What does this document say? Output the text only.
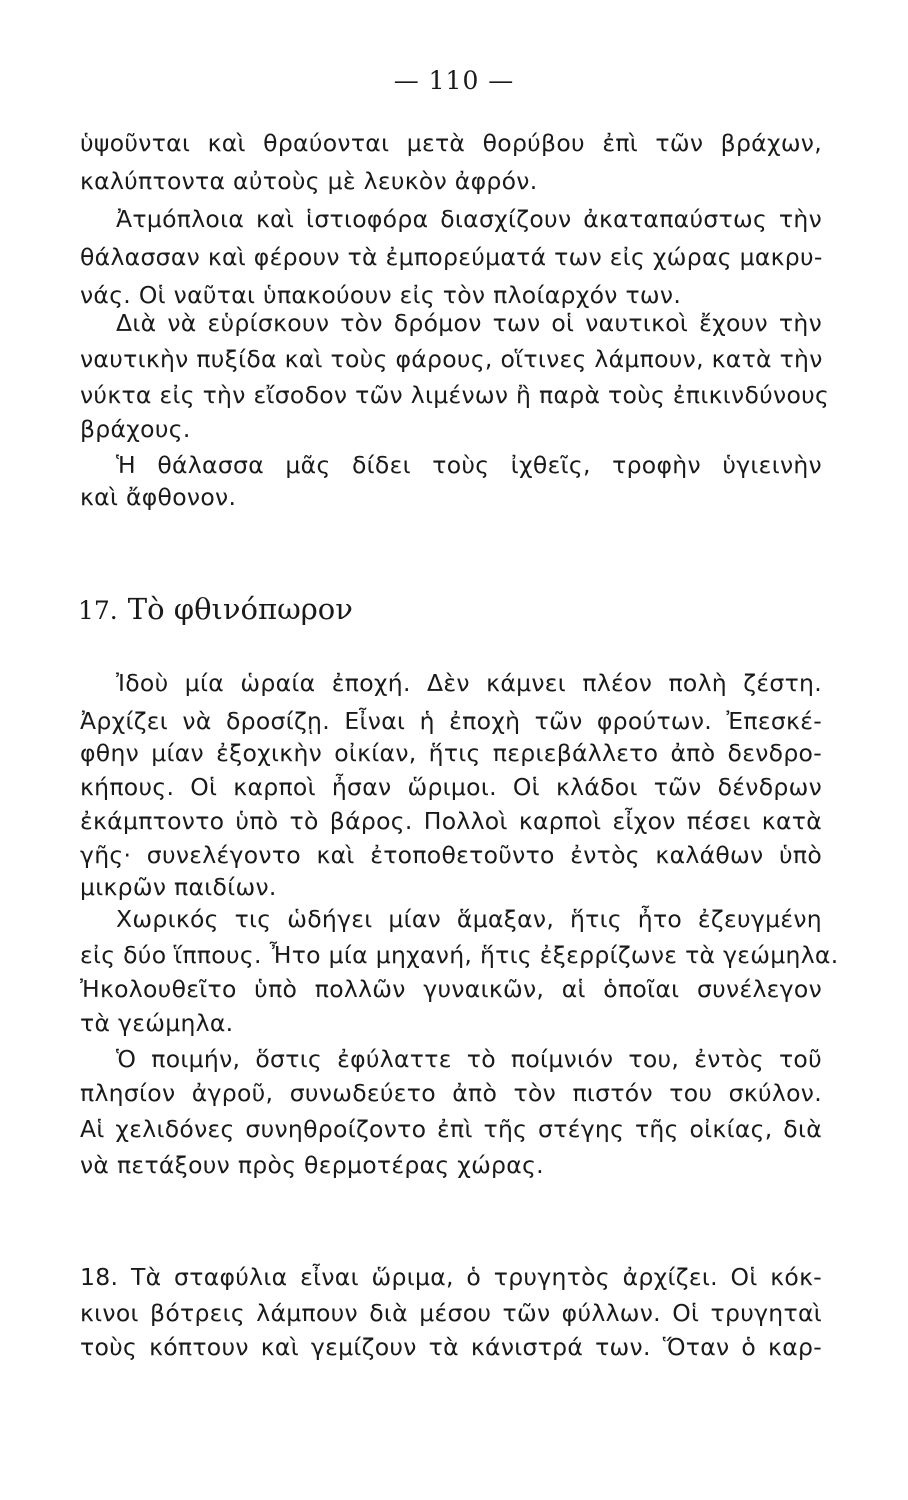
— 110 —
ὑψοῦνται καὶ θραύονται μετὰ θορύβου ἐπὶ τῶν βράχων,
καλύπτοντα αὐτοὺς μὲ λευκὸν ἀφρόν.
Ἀτμόπλοια καὶ ἱστιοφόρα διασχίζουν ἀκαταπαύστως τὴν
θάλασσαν καὶ φέρουν τὰ ἐμπορεύματά των εἰς χώρας μακρυ-
νάς. Οἱ ναῦται ὑπακούουν εἰς τὸν πλοίαρχόν των.
Διὰ νὰ εὑρίσκουν τὸν δρόμον των οἱ ναυτικοὶ ἔχουν τὴν
ναυτικὴν πυξίδα καὶ τοὺς φάρους, οἵτινες λάμπουν, κατὰ τὴν
νύκτα εἰς τὴν εἴσοδον τῶν λιμένων ἢ παρὰ τοὺς ἐπικινδύνους
βράχους.
Ἡ θάλασσα μᾶς δίδει τοὺς ἰχθεῖς, τροφὴν ὑγιεινὴν
καὶ ἄφθονον.
17. Τὸ φθινόπωρον
Ἰδοὺ μία ὡραία ἐποχή. Δὲν κάμνει πλέον πολὴ ζέστη.
Ἀρχίζει νὰ δροσίζῃ. Εἶναι ἡ ἐποχὴ τῶν φρούτων. Ἐπεσκέ-
φθην μίαν ἐξοχικὴν οἰκίαν, ἥτις περιεβάλλετο ἀπὸ δενδρο-
κήπους. Οἱ καρποὶ ἦσαν ὥριμοι. Οἱ κλάδοι τῶν δένδρων
ἐκάμπτοντο ὑπὸ τὸ βάρος. Πολλοὶ καρποὶ εἶχον πέσει κατὰ
γῆς· συνελέγοντο καὶ ἐτοποθετοῦντο ἐντὸς καλάθων ὑπὸ
μικρῶν παιδίων.
Χωρικός τις ὡδήγει μίαν ἅμαξαν, ἥτις ἦτο ἐζευγμένη
εἰς δύο ἵππους. Ἦτο μία μηχανή, ἥτις ἐξερρίζωνε τὰ γεώμηλα.
Ἠκολουθεῖτο ὑπὸ πολλῶν γυναικῶν, αἱ ὁποῖαι συνέλεγον
τὰ γεώμηλα.
Ὁ ποιμήν, ὅστις ἐφύλαττε τὸ ποίμνιόν του, ἐντὸς τοῦ
πλησίον ἀγροῦ, συνωδεύετο ἀπὸ τὸν πιστόν του σκύλον.
Αἱ χελιδόνες συνηθροίζοντο ἐπὶ τῆς στέγης τῆς οἰκίας, διὰ
νὰ πετάξουν πρὸς θερμοτέρας χώρας.
18. Τὰ σταφύλια εἶναι ὥριμα, ὁ τρυγητὸς ἀρχίζει. Οἱ κόκ-
κινοι βότρεις λάμπουν διὰ μέσου τῶν φύλλων. Οἱ τρυγηταὶ
τοὺς κόπτουν καὶ γεμίζουν τὰ κάνιστρά των. Ὅταν ὁ καρ-
